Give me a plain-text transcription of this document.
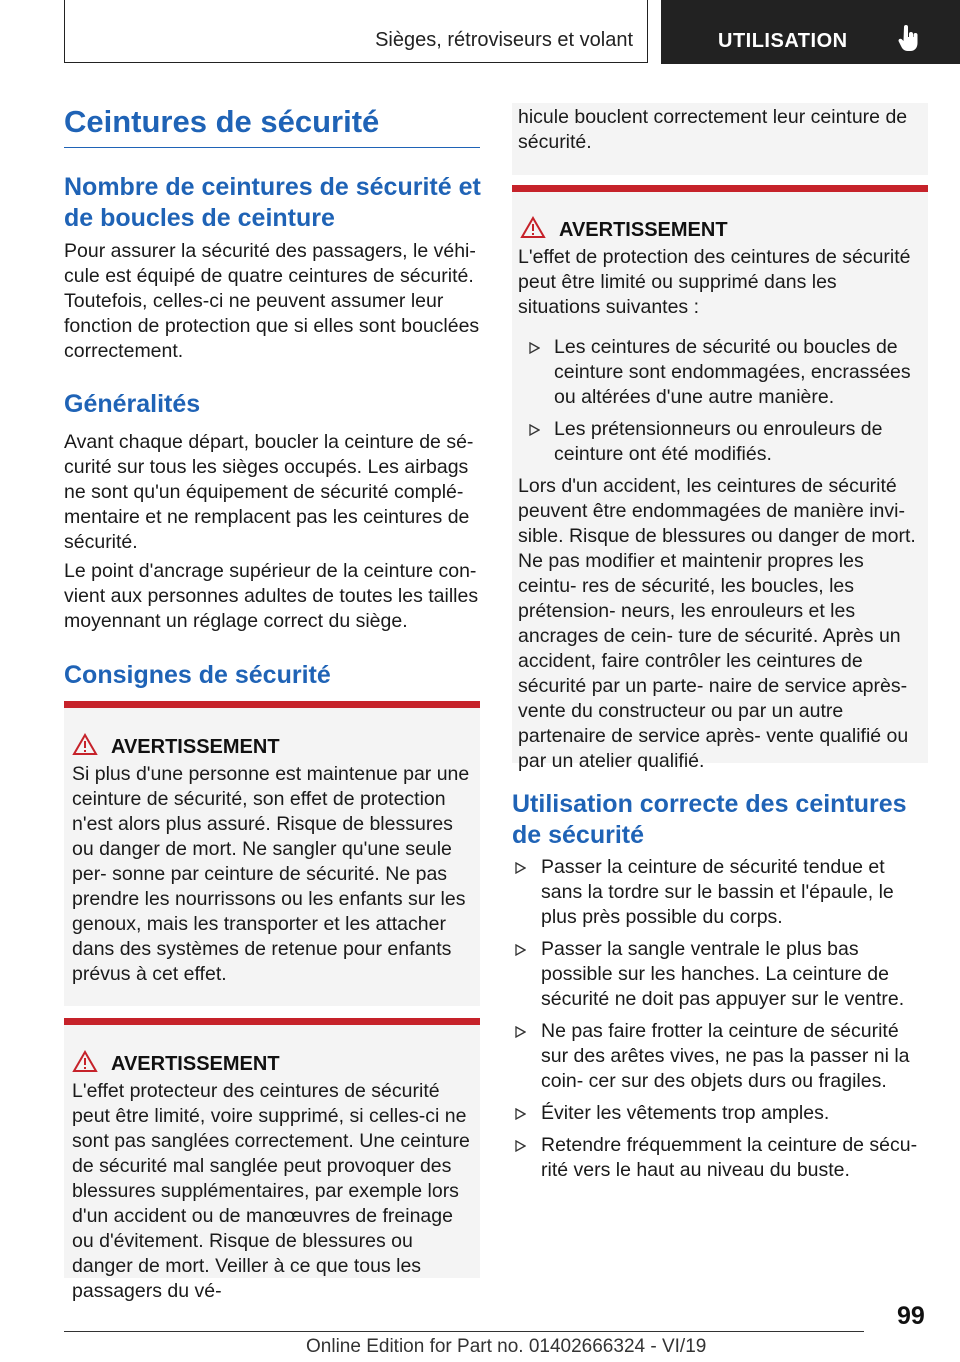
Sièges, rétroviseurs et volant	UTILISATION
Ceintures de sécurité
Nombre de ceintures de sécurité et de boucles de ceinture

Pour assurer la sécurité des passagers, le véhi- cule est équipé de quatre ceintures de sécurité. Toutefois, celles-ci ne peuvent assumer leur fonction de protection que si elles sont bouclées correctement.

Généralités

Avant chaque départ, boucler la ceinture de sé- curité sur tous les sièges occupés. Les airbags ne sont qu'un équipement de sécurité complé- mentaire et ne remplacent pas les ceintures de sécurité.

Le point d'ancrage supérieur de la ceinture con- vient aux personnes adultes de toutes les tailles moyennant un réglage correct du siège.

Consignes de sécurité
AVERTISSEMENT

Si plus d'une personne est maintenue par une ceinture de sécurité, son effet de protection n'est alors plus assuré. Risque de blessures ou danger de mort. Ne sangler qu'une seule per- sonne par ceinture de sécurité. Ne pas prendre les nourrissons ou les enfants sur les genoux, mais les transporter et les attacher dans des systèmes de retenue pour enfants prévus à cet effet.

AVERTISSEMENT

L'effet protecteur des ceintures de sécurité peut être limité, voire supprimé, si celles-ci ne sont pas sanglées correctement. Une ceinture de sécurité mal sanglée peut provoquer des blessures supplémentaires, par exemple lors d'un accident ou de manœuvres de freinage ou d'évitement. Risque de blessures ou danger de mort. Veiller à ce que tous les passagers du vé-

hicule bouclent correctement leur ceinture de sécurité.

AVERTISSEMENT

L'effet de protection des ceintures de sécurité peut être limité ou supprimé dans les situations suivantes :

Les ceintures de sécurité ou boucles de ceinture sont endommagées, encrassées ou altérées d'une autre manière.
Les prétensionneurs ou enrouleurs de ceinture ont été modifiés.

Lors d'un accident, les ceintures de sécurité peuvent être endommagées de manière invi- sible. Risque de blessures ou danger de mort. Ne pas modifier et maintenir propres les ceintu- res de sécurité, les boucles, les prétension- neurs, les enrouleurs et les ancrages de cein- ture de sécurité. Après un accident, faire contrôler les ceintures de sécurité par un parte- naire de service après-vente du constructeur ou par un autre partenaire de service après- vente qualifié ou par un atelier qualifié.

Utilisation correcte des ceintures de sécurité
Passer la ceinture de sécurité tendue et sans la tordre sur le bassin et l'épaule, le plus près possible du corps.
Passer la sangle ventrale le plus bas possible sur les hanches. La ceinture de sécurité ne doit pas appuyer sur le ventre.
Ne pas faire frotter la ceinture de sécurité sur des arêtes vives, ne pas la passer ni la coin- cer sur des objets durs ou fragiles.
Éviter les vêtements trop amples.
Retendre fréquemment la ceinture de sécu- rité vers le haut au niveau du buste.
99
Online Edition for Part no. 01402666324 - VI/19
